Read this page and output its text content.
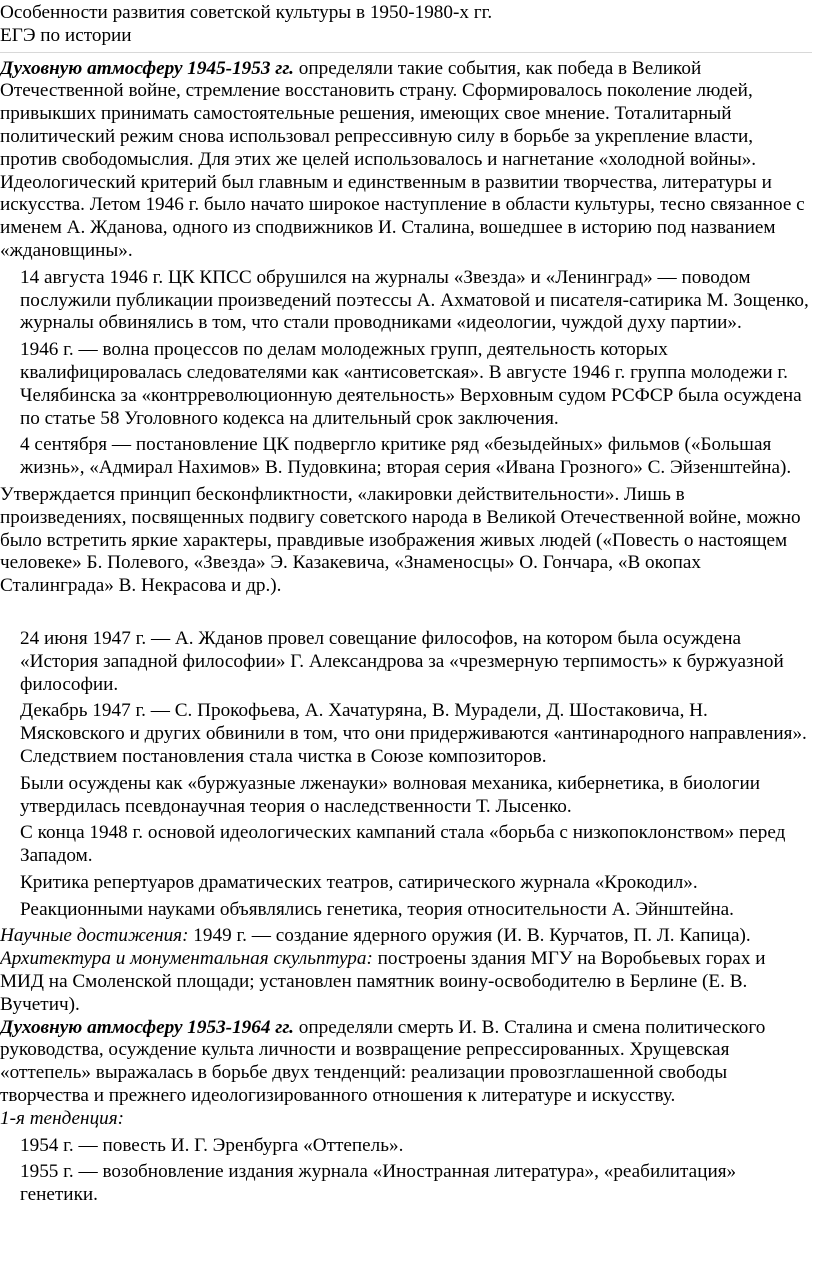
Особенности развития советской культуры в 1950-1980-х гг.
ЕГЭ по истории

Духовную атмосферу 1945-1953 гг. определяли такие события, как победа в Великой Отечественной войне, стремление восстановить страну. Сформировалось поколение людей, привыкших принимать самостоятельные решения, имеющих свое мнение. Тоталитарный политический режим снова использовал репрессивную силу в борьбе за укрепление власти, против свободомыслия. Для этих же целей использовалось и нагнетание «холодной войны». Идеологический критерий был главным и единственным в развитии творчества, литературы и искусства. Летом 1946 г. было начато широкое наступление в области культуры, тесно связанное с именем А. Жданова, одного из сподвижников И. Сталина, вошедшее в историю под названием «ждановщины».

14 августа 1946 г. ЦК КПСС обрушился на журналы «Звезда» и «Ленинград» — поводом послужили публикации произведений поэтессы А. Ахматовой и писателя-сатирика М. Зощенко, журналы обвинялись в том, что стали проводниками «идеологии, чуждой духу партии».

1946 г. — волна процессов по делам молодежных групп, деятельность которых квалифицировалась следователями как «антисоветская». В августе 1946 г. группа молодежи г. Челябинска за «контрреволюционную деятельность» Верховным судом РСФСР была осуждена по статье 58 Уголовного кодекса на длительный срок заключения.

4 сентября — постановление ЦК подвергло критике ряд «безыдейных» фильмов («Большая жизнь», «Адмирал Нахимов» В. Пудовкина; вторая серия «Ивана Грозного» С. Эйзенштейна).

Утверждается принцип бесконфликтности, «лакировки действительности». Лишь в произведениях, посвященных подвигу советского народа в Великой Отечественной войне, можно было встретить яркие характеры, правдивые изображения живых людей («Повесть о настоящем человеке» Б. Полевого, «Звезда» Э. Казакевича, «Знаменосцы» О. Гончара, «В окопах Сталинграда» В. Некрасова и др.).

24 июня 1947 г. — А. Жданов провел совещание философов, на котором была осуждена «История западной философии» Г. Александрова за «чрезмерную терпимость» к буржуазной философии.

Декабрь 1947 г. — С. Прокофьева, А. Хачатуряна, В. Мурадели, Д. Шостаковича, Н. Мясковского и других обвинили в том, что они придерживаются «антинародного направления». Следствием постановления стала чистка в Союзе композиторов.

Были осуждены как «буржуазные лженауки» волновая механика, кибернетика, в биологии утвердилась псевдонаучная теория о наследственности Т. Лысенко.

С конца 1948 г. основой идеологических кампаний стала «борьба с низкопоклонством» перед Западом.

Критика репертуаров драматических театров, сатирического журнала «Крокодил».

Реакционными науками объявлялись генетика, теория относительности А. Эйнштейна.

Научные достижения: 1949 г. — создание ядерного оружия (И. В. Курчатов, П. Л. Капица).

Архитектура и монументальная скульптура: построены здания МГУ на Воробьевых горах и МИД на Смоленской площади; установлен памятник воину-освободителю в Берлине (Е. В. Вучетич).

Духовную атмосферу 1953-1964 гг. определяли смерть И. В. Сталина и смена политического руководства, осуждение культа личности и возвращение репрессированных. Хрущевская «оттепель» выражалась в борьбе двух тенденций: реализации провозглашенной свободы творчества и прежнего идеологизированного отношения к литературе и искусству.

1-я тенденция:

1954 г. — повесть И. Г. Эренбурга «Оттепель».

1955 г. — возобновление издания журнала «Иностранная литература», «реабилитация» генетики.
